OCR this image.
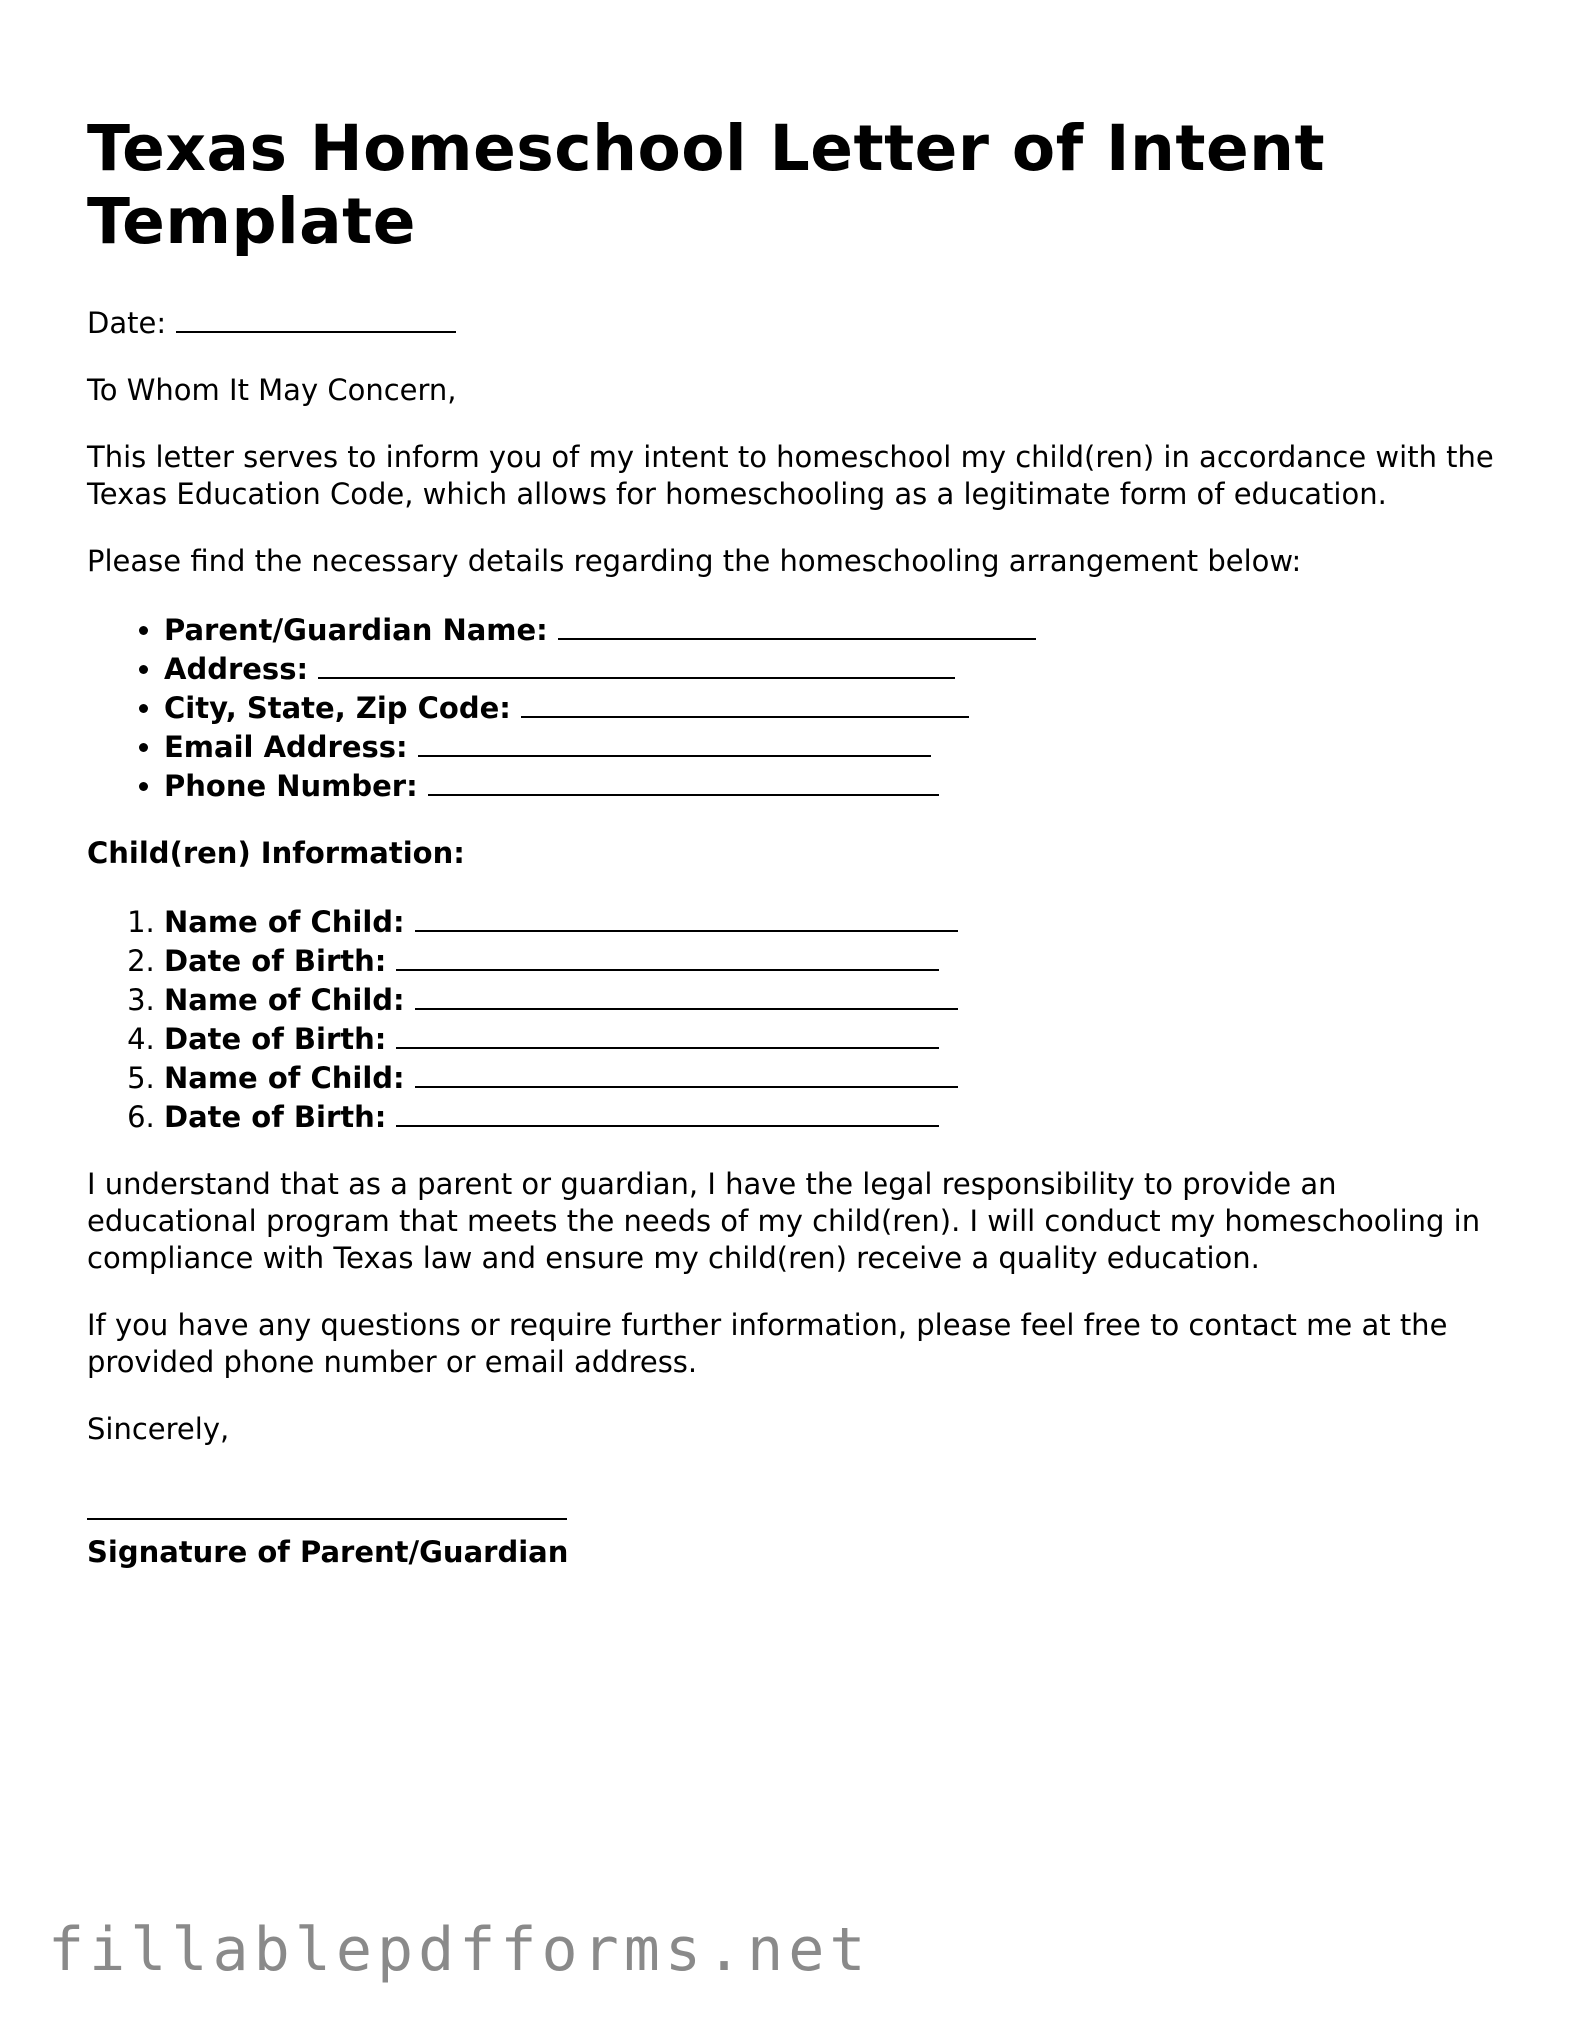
Texas Homeschool Letter of Intent Template

Date:

To Whom It May Concern,

This letter serves to inform you of my intent to homeschool my child(ren) in accordance with the Texas Education Code, which allows for homeschooling as a legitimate form of education.

Please find the necessary details regarding the homeschooling arrangement below:

• Parent/Guardian Name:
• Address:
• City, State, Zip Code:
• Email Address:
• Phone Number:

Child(ren) Information:

1. Name of Child:
2. Date of Birth:
3. Name of Child:
4. Date of Birth:
5. Name of Child:
6. Date of Birth:

I understand that as a parent or guardian, I have the legal responsibility to provide an educational program that meets the needs of my child(ren). I will conduct my homeschooling in compliance with Texas law and ensure my child(ren) receive a quality education.

If you have any questions or require further information, please feel free to contact me at the provided phone number or email address.

Sincerely,

Signature of Parent/Guardian

fillablepdfforms.net
